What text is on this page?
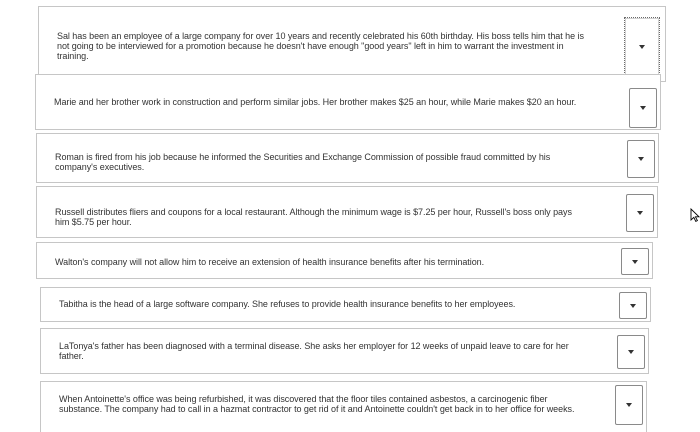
Sal has been an employee of a large company for over 10 years and recently celebrated his 60th birthday. His boss tells him that he is not going to be interviewed for a promotion because he doesn't have enough "good years" left in him to warrant the investment in training.
Marie and her brother work in construction and perform similar jobs. Her brother makes $25 an hour, while Marie makes $20 an hour.
Roman is fired from his job because he informed the Securities and Exchange Commission of possible fraud committed by his company's executives.
Russell distributes fliers and coupons for a local restaurant. Although the minimum wage is $7.25 per hour, Russell's boss only pays him $5.75 per hour.
Walton's company will not allow him to receive an extension of health insurance benefits after his termination.
Tabitha is the head of a large software company. She refuses to provide health insurance benefits to her employees.
LaTonya's father has been diagnosed with a terminal disease. She asks her employer for 12 weeks of unpaid leave to care for her father.
When Antoinette's office was being refurbished, it was discovered that the floor tiles contained asbestos, a carcinogenic fiber substance. The company had to call in a hazmat contractor to get rid of it and Antoinette couldn't get back in to her office for weeks.
